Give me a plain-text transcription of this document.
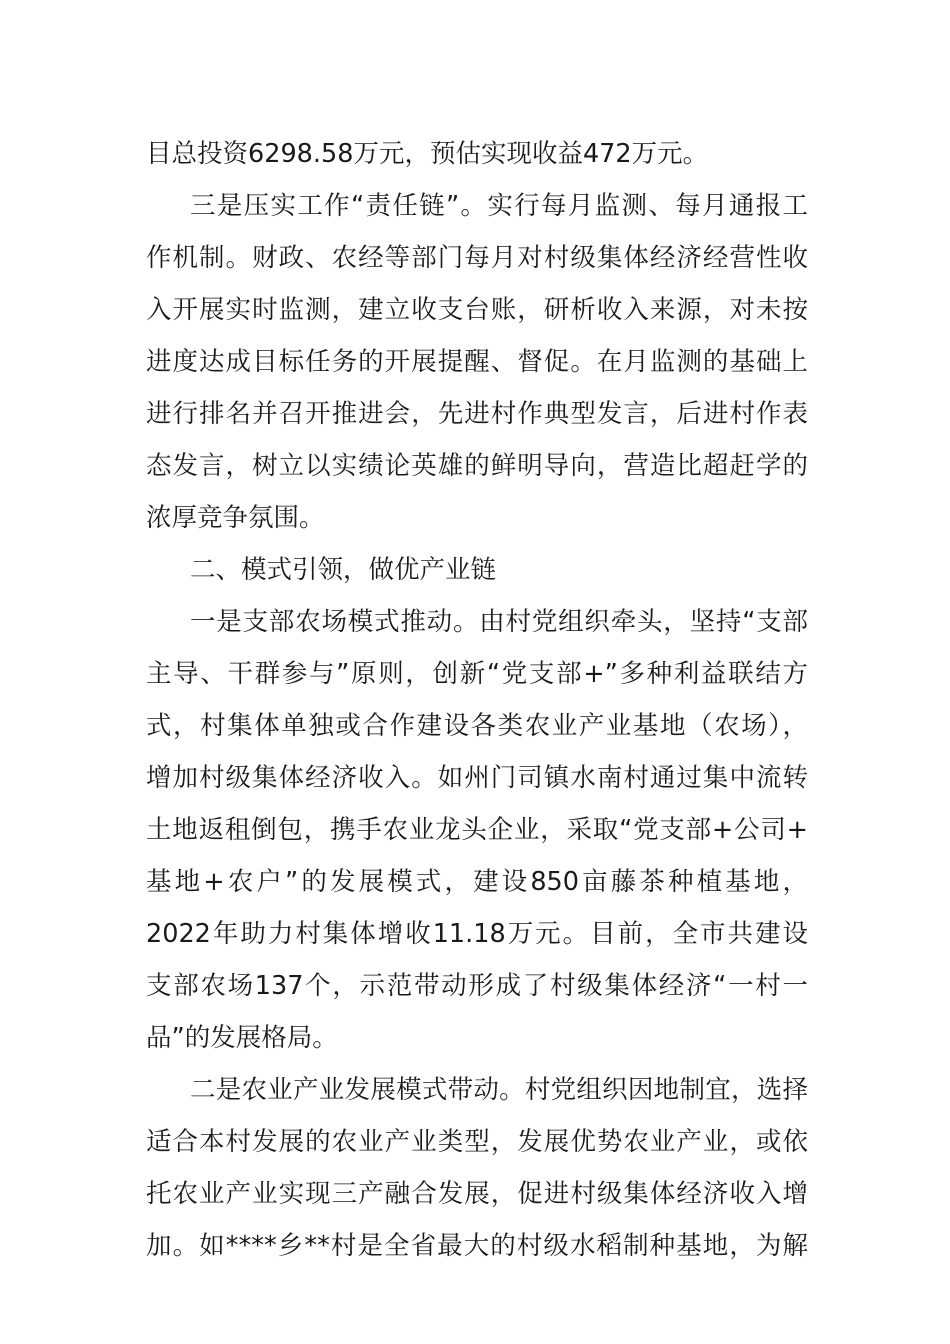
目总投资6298.58万元，预估实现收益472万元。
三是压实工作“责任链”。实行每月监测、每月通报工
作机制。财政、农经等部门每月对村级集体经济经营性收
入开展实时监测，建立收支台账，研析收入来源，对未按
进度达成目标任务的开展提醒、督促。在月监测的基础上
进行排名并召开推进会，先进村作典型发言，后进村作表
态发言，树立以实绩论英雄的鲜明导向，营造比超赶学的
浓厚竞争氛围。
二、模式引领，做优产业链
一是支部农场模式推动。由村党组织牵头，坚持“支部
主导、干群参与”原则，创新“党支部+”多种利益联结方
式，村集体单独或合作建设各类农业产业基地（农场），
增加村级集体经济收入。如州门司镇水南村通过集中流转
土地返租倒包，携手农业龙头企业，采取“党支部+公司+
基地+农户”的发展模式，建设850亩藤茶种植基地，
2022年助力村集体增收11.18万元。目前，全市共建设
支部农场137个，示范带动形成了村级集体经济“一村一
品”的发展格局。
二是农业产业发展模式带动。村党组织因地制宜，选择
适合本村发展的农业产业类型，发展优势农业产业，或依
托农业产业实现三产融合发展，促进村级集体经济收入增
加。如****乡**村是全省最大的村级水稻制种基地，为解
